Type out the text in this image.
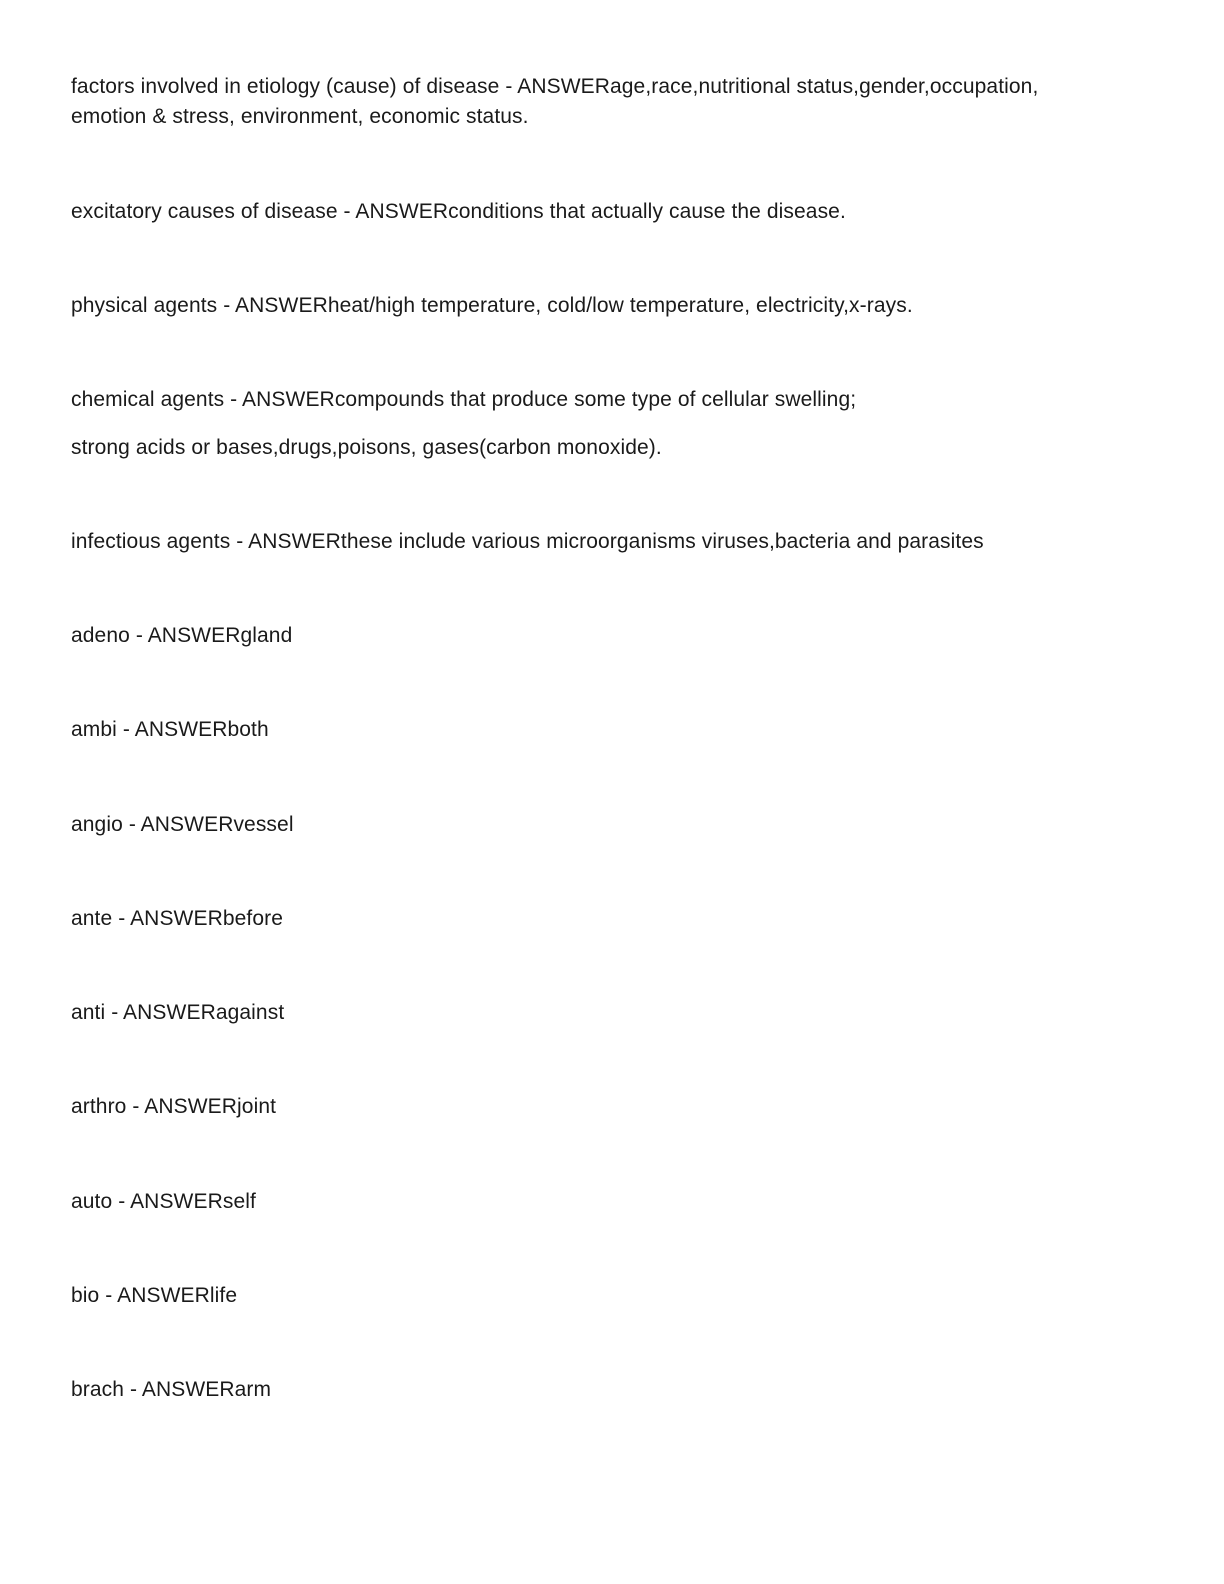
factors involved in etiology (cause) of disease - ANSWERage,race,nutritional status,gender,occupation,
emotion & stress, environment, economic status.
excitatory causes of disease - ANSWERconditions that actually cause the disease.
physical agents - ANSWERheat/high temperature, cold/low temperature, electricity,x-rays.
chemical agents - ANSWERcompounds that produce some type of cellular swelling;
strong acids or bases,drugs,poisons, gases(carbon monoxide).
infectious agents - ANSWERthese include various microorganisms viruses,bacteria and parasites
adeno - ANSWERgland
ambi - ANSWERboth
angio - ANSWERvessel
ante - ANSWERbefore
anti - ANSWERagainst
arthro - ANSWERjoint
auto - ANSWERself
bio - ANSWERlife
brach - ANSWERarm
